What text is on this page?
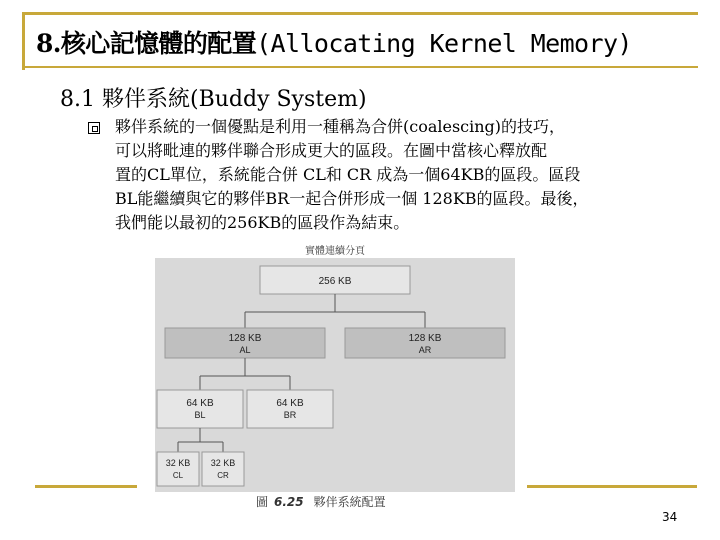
8.核心記憶體的配置(Allocating Kernel Memory)
8.1 夥伴系統(Buddy System)
夥伴系統的一個優點是利用一種稱為合併(coalescing)的技巧，
可以將毗連的夥伴聯合形成更大的區段。在圖中當核心釋放配
置的CL單位，系統能合併 CL和 CR 成為一個64KB的區段。區段
BL能繼續與它的夥伴BR一起合併形成一個 128KB的區段。最後，
我們能以最初的256KB的區段作為結束。
實體連續分頁
256 KB
128 KB
AL
128 KB
AR
64 KB
BL
64 KB
BR
32 KB
CL
32 KB
CR
圖 6.25 夥伴系統配置
34
